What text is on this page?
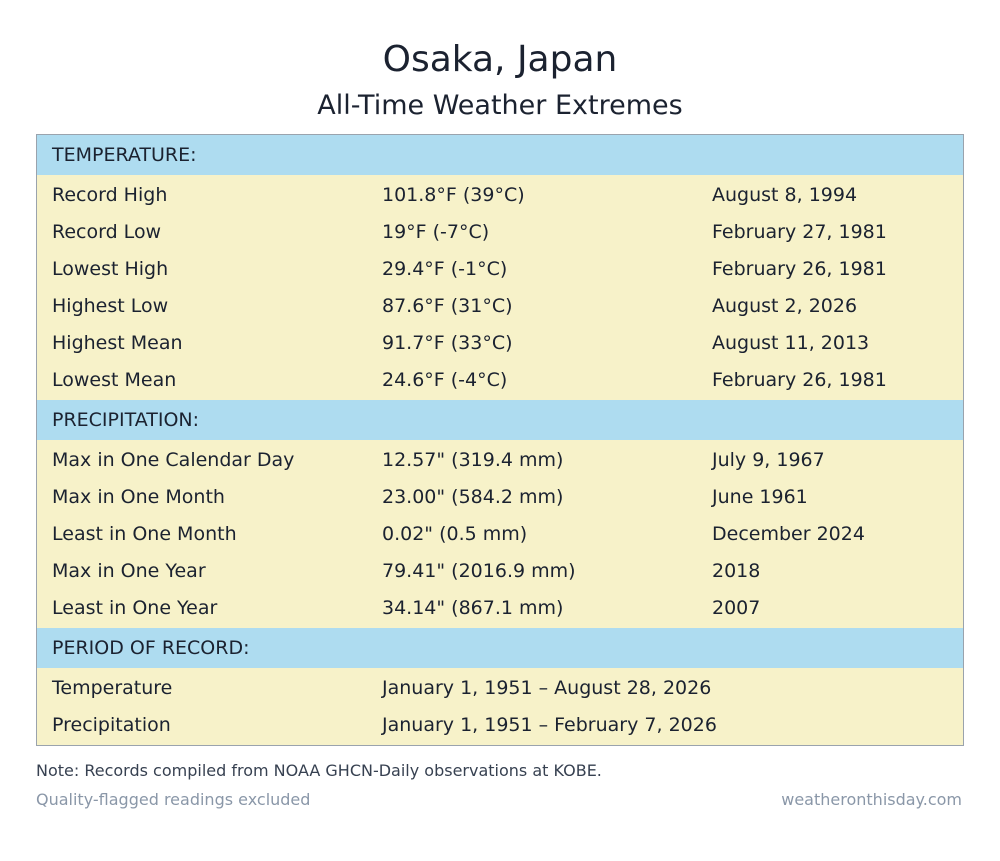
Osaka, Japan
All-Time Weather Extremes
TEMPERATURE:
Record High	101.8°F (39°C)	August 8, 1994
Record Low	19°F (-7°C)	February 27, 1981
Lowest High	29.4°F (-1°C)	February 26, 1981
Highest Low	87.6°F (31°C)	August 2, 2026
Highest Mean	91.7°F (33°C)	August 11, 2013
Lowest Mean	24.6°F (-4°C)	February 26, 1981
PRECIPITATION:
Max in One Calendar Day	12.57" (319.4 mm)	July 9, 1967
Max in One Month	23.00" (584.2 mm)	June 1961
Least in One Month	0.02" (0.5 mm)	December 2024
Max in One Year	79.41" (2016.9 mm)	2018
Least in One Year	34.14" (867.1 mm)	2007
PERIOD OF RECORD:
Temperature	January 1, 1951 – August 28, 2026
Precipitation	January 1, 1951 – February 7, 2026
Note: Records compiled from NOAA GHCN-Daily observations at KOBE.
Quality-flagged readings excluded	weatheronthisday.com
